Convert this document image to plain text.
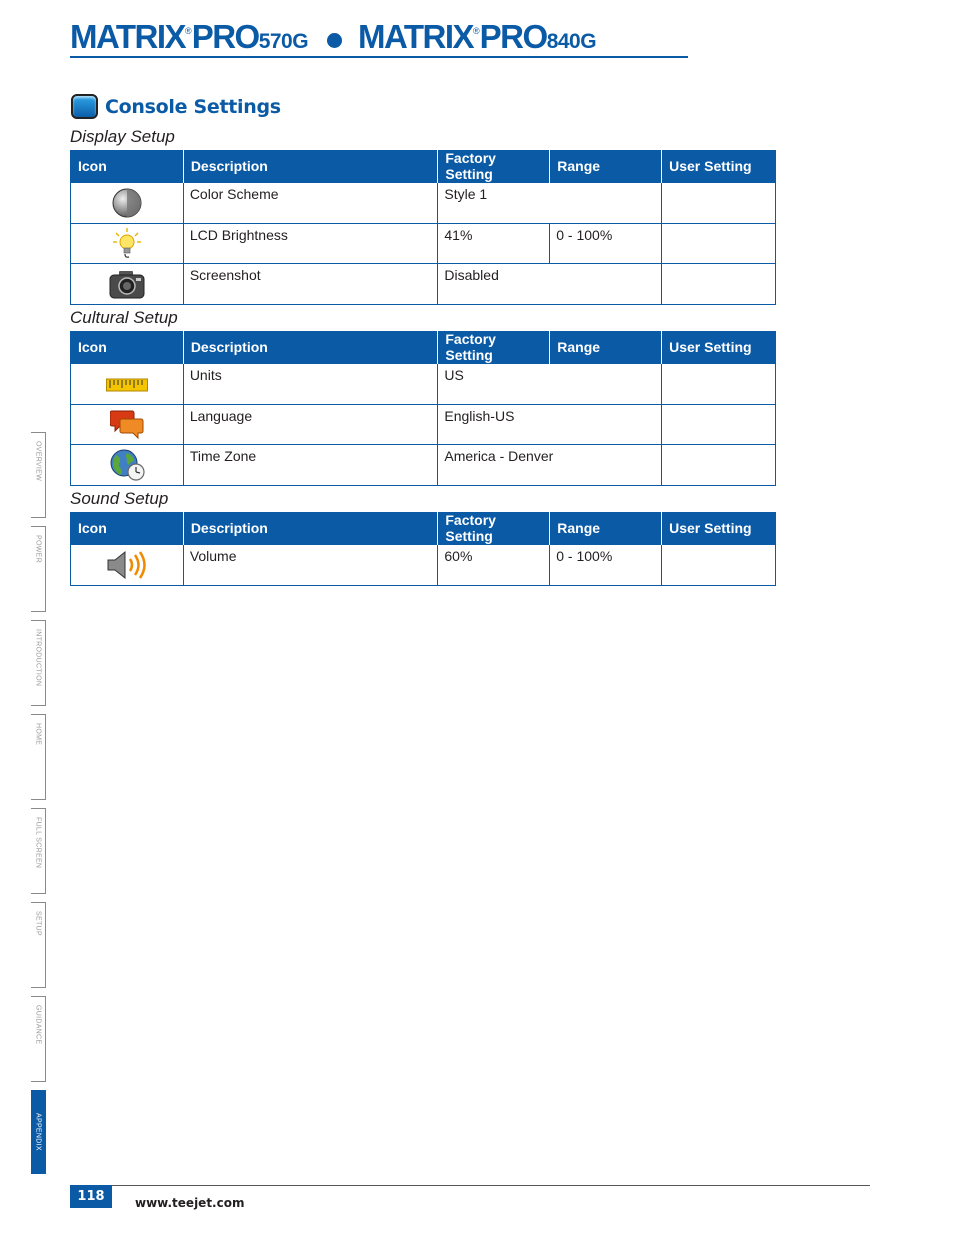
MATRIX ® PRO 570G
MATRIX ® PRO 840G
Console Settings
Display Setup
Icon	Description	Factory Setting	Range	User Setting
	Color Scheme	Style 1		
	LCD Brightness	41%	0 - 100%	
	Screenshot	Disabled		
Cultural Setup
Icon	Description	Factory Setting	Range	User Setting
	Units	US		
	Language	English-US		
	Time Zone	America - Denver		
Sound Setup
Icon	Description	Factory Setting	Range	User Setting
	Volume	60%	0 - 100%	
OVERVIEW
POWER
INTRODUCTION
HOME
FULL SCREEN
SETUP
GUIDANCE
APPENDIX
118	www.teejet.com
